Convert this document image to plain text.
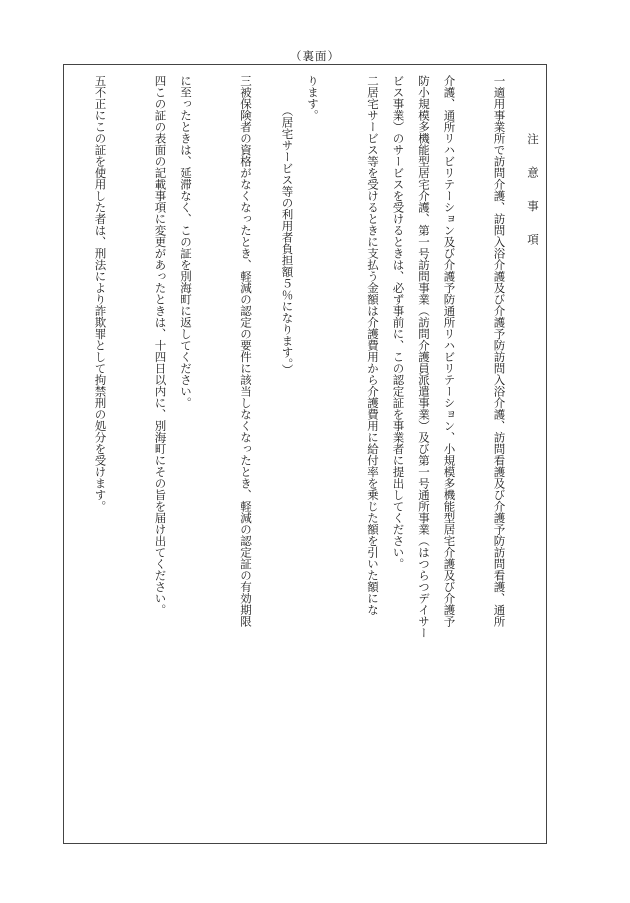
（裏面）
注意事項
一適用事業所で訪問介護、訪問入浴介護及び介護予防訪問入浴介護、訪問看護及び介護予防訪問看護、通所
介護、通所リハビリテーション及び介護予防通所リハビリテーション、小規模多機能型居宅介護及び介護予
防小規模多機能型居宅介護、第一号訪問事業（訪問介護員派遣事業）及び第一号通所事業（はつらつデイサー
ビス事業）のサービスを受けるときは、必ず事前に、この認定証を事業者に提出してください。
二居宅サービス等を受けるときに支払う金額は介護費用から介護費用に給付率を乗じた額を引いた額にな
ります。
（居宅サービス等の利用者負担額５％になります。）
三被保険者の資格がなくなったとき、軽減の認定の要件に該当しなくなったとき、軽減の認定証の有効期限
に至ったときは、延滞なく、この証を別海町に返してください。
四この証の表面の記載事項に変更があったときは、十四日以内に、別海町にその旨を届け出てください。
五不正にこの証を使用した者は、刑法により詐欺罪として拘禁刑の処分を受けます。
